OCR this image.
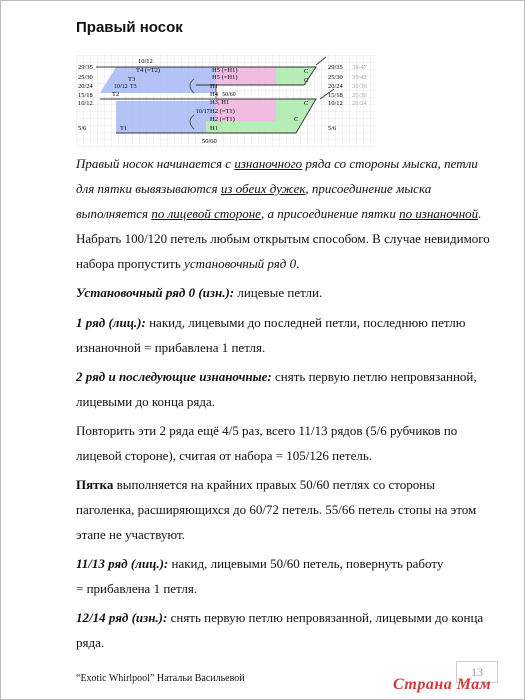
Правый носок
29/35
25/30
20/24
15/18
10/12
5/6
29/35
25/30
20/24
15/18
10/12
5/6
39/47
35/42
30/36
25/30
20/24
10/12
T4 (=T2)
T3
10/12 T3
T2
T1
H5 (=H1)
H5 (=H1)
H1
H4 50/60
H3, H1
10/17 H2 (=T1)
H2 (=T1)
H1
C
C
C
C
50/60
Правый носок начинается с изнаночного ряда со стороны мыска, петли для пятки вывязываются из обеих дужек, присоединение мыска выполняется по лицевой стороне, а присоединение пятки по изнаночной.
Набрать 100/120 петель любым открытым способом. В случае невидимого набора пропустить установочный ряд 0.
Установочный ряд 0 (изн.): лицевые петли.
1 ряд (лиц.): накид, лицевыми до последней петли, последнюю петлю изнаночной = прибавлена 1 петля.
2 ряд и последующие изнаночные: снять первую петлю непровязанной, лицевыми до конца ряда.
Повторить эти 2 ряда ещё 4/5 раз, всего 11/13 рядов (5/6 рубчиков по лицевой стороне), считая от набора = 105/126 петель.
Пятка выполняется на крайних правых 50/60 петлях со стороны паголенка, расширяющихся до 60/72 петель. 55/66 петель стопы на этом этапе не участвуют.
11/13 ряд (лиц.): накид, лицевыми 50/60 петель, повернуть работу
= прибавлена 1 петля.
12/14 ряд (изн.): снять первую петлю непровязанной, лицевыми до конца ряда.
“Exotic Whirlpool” Натальи Васильевой	13
Страна Мам
